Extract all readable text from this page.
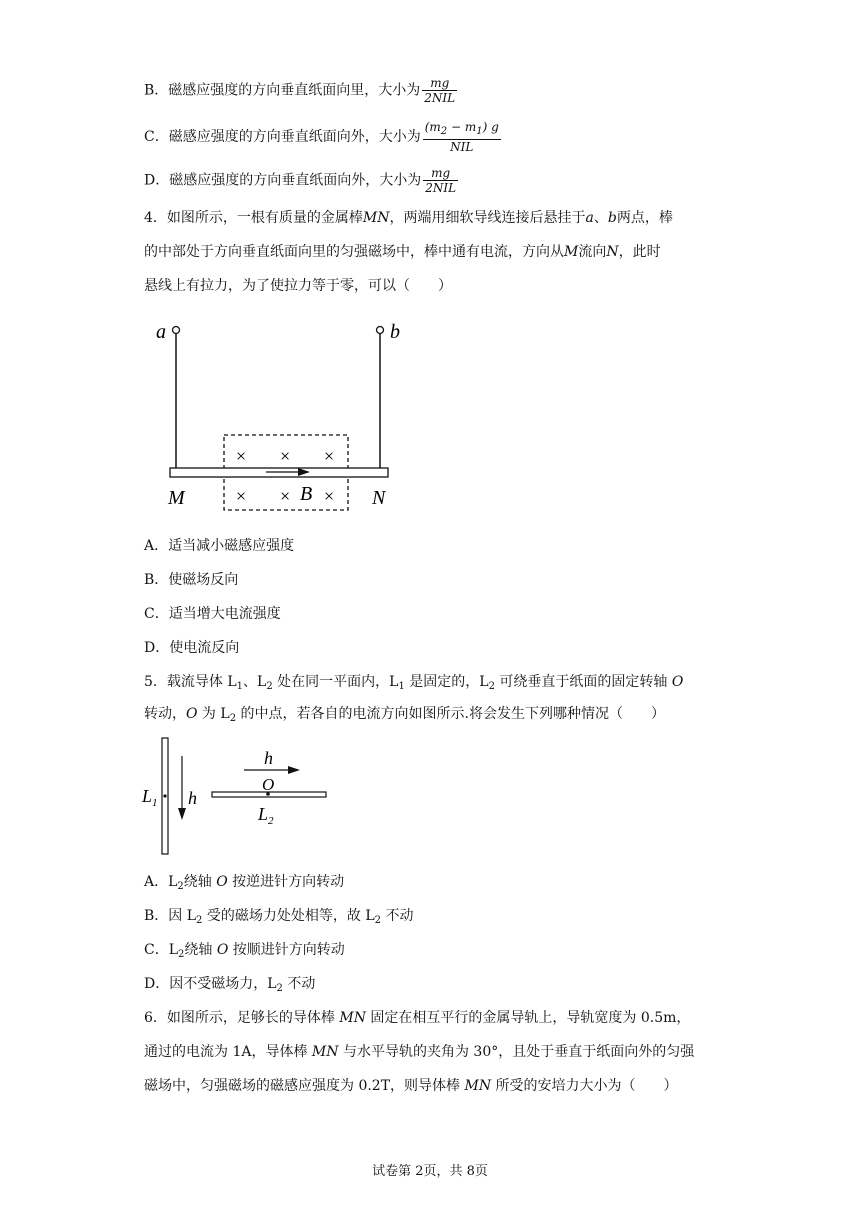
B．磁感应强度的方向垂直纸面向里，大小为 $\frac{mg}{\text{2NIL}}$
C．磁感应强度的方向垂直纸面向外，大小为 $\frac{(m_2 - m_1) g}{\text{NIL}}$
D．磁感应强度的方向垂直纸面向外，大小为 $\frac{mg}{\text{2NIL}}$
4．如图所示，一根有质量的金属棒MN，两端用细软导线连接后悬挂于a、b两点，棒
的中部处于方向垂直纸面向里的匀强磁场中，棒中通有电流，方向从M流向N，此时
悬线上有拉力，为了使拉力等于零，可以（　　）
a	b
× × ×
× × ×
B
M	N
A．适当减小磁感应强度
B．使磁场反向
C．适当增大电流强度
D．使电流反向
5．载流导体 $L_1$、$L_2$ 处在同一平面内，$L_1$ 是固定的，$L_2$ 可绕垂直于纸面的固定转轴 O
转动，O 为 $L_2$ 的中点，若各自的电流方向如图所示.将会发生下列哪种情况（　　）
$L_1$ h
h
O
$L_2$
A．$L_2$绕轴 O 按逆进针方向转动
B．因 $L_2$ 受的磁场力处处相等，故 $L_2$ 不动
C．$L_2$绕轴 O 按顺进针方向转动
D．因不受磁场力，$L_2$ 不动
6．如图所示，足够长的导体棒 MN 固定在相互平行的金属导轨上，导轨宽度为 0.5m，
通过的电流为 1A，导体棒 MN 与水平导轨的夹角为 30°，且处于垂直于纸面向外的匀强
磁场中，匀强磁场的磁感应强度为 0.2T，则导体棒 MN 所受的安培力大小为（　　）
试卷第 2页，共 8页
